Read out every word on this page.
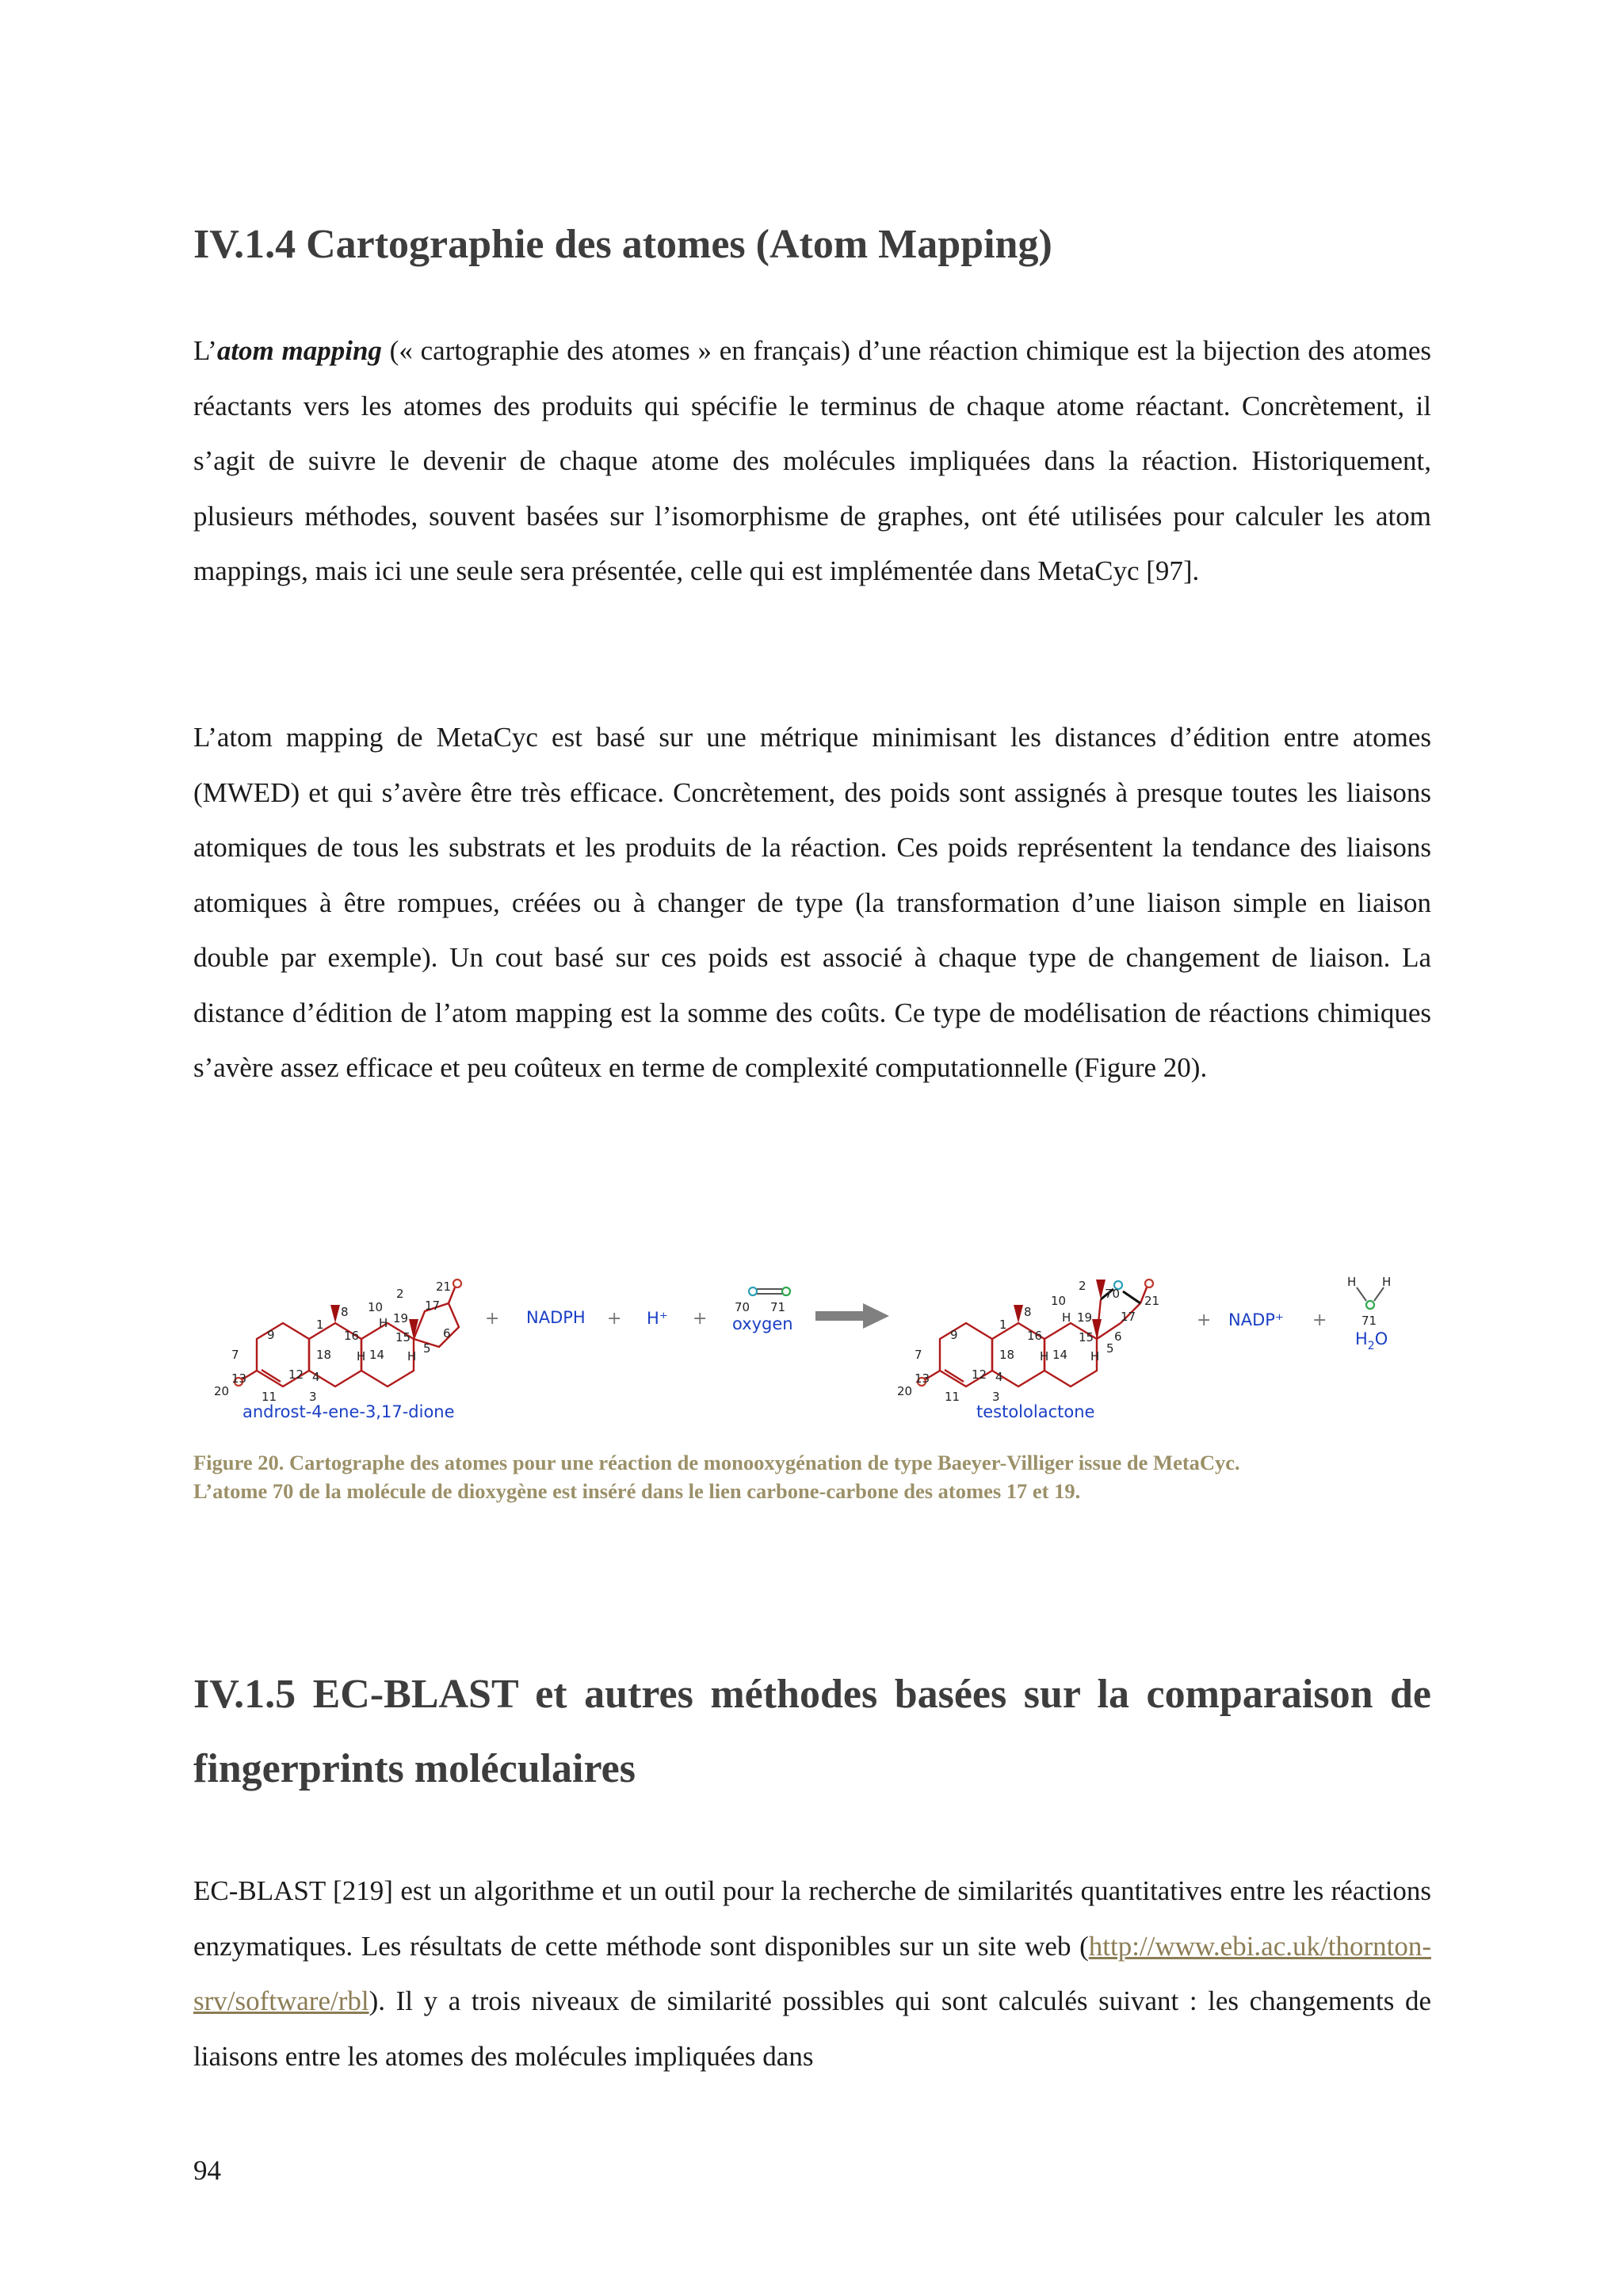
IV.1.4 Cartographie des atomes (Atom Mapping)

L’atom mapping (« cartographie des atomes » en français) d’une réaction chimique est la bijection des atomes réactants vers les atomes des produits qui spécifie le terminus de chaque atome réactant. Concrètement, il s’agit de suivre le devenir de chaque atome des molécules impliquées dans la réaction. Historiquement, plusieurs méthodes, souvent basées sur l’isomorphisme de graphes, ont été utilisées pour calculer les atom mappings, mais ici une seule sera présentée, celle qui est implémentée dans MetaCyc [97].

L’atom mapping de MetaCyc est basé sur une métrique minimisant les distances d’édition entre atomes (MWED) et qui s’avère être très efficace. Concrètement, des poids sont assignés à presque toutes les liaisons atomiques de tous les substrats et les produits de la réaction. Ces poids représentent la tendance des liaisons atomiques à être rompues, créées ou à changer de type (la transformation d’une liaison simple en liaison double par exemple). Un cout basé sur ces poids est associé à chaque type de changement de liaison. La distance d’édition de l’atom mapping est la somme des coûts. Ce type de modélisation de réactions chimiques s’avère assez efficace et peu coûteux en terme de complexité computationnelle (Figure 20).

20
13
11
12
3
4
7	18
9
1
16
8 10
2
19
21
17
14
15
5
6
H
H	H
androst-4-ene-3,17-dione
+ NADPH + H⁺ +
70 71
oxygen
20
13
11
12
3
4
7	18
9
1
16
8
10
2
19
21
17
14
15
5
6
70
H
H	H
testololactone
+ NADP⁺ +
H H
71
$H_2O$
Figure 20. Cartographe des atomes pour une réaction de monooxygénation de type Baeyer-Villiger issue de MetaCyc.
L’atome 70 de la molécule de dioxygène est inséré dans le lien carbone-carbone des atomes 17 et 19.
IV.1.5 EC-BLAST et autres méthodes basées sur la comparaison de fingerprints moléculaires

EC-BLAST [219] est un algorithme et un outil pour la recherche de similarités quantitatives entre les réactions enzymatiques. Les résultats de cette méthode sont disponibles sur un site web (http://www.ebi.ac.uk/thornton-srv/software/rbl). Il y a trois niveaux de similarité possibles qui sont calculés suivant : les changements de liaisons entre les atomes des molécules impliquées dans

94
